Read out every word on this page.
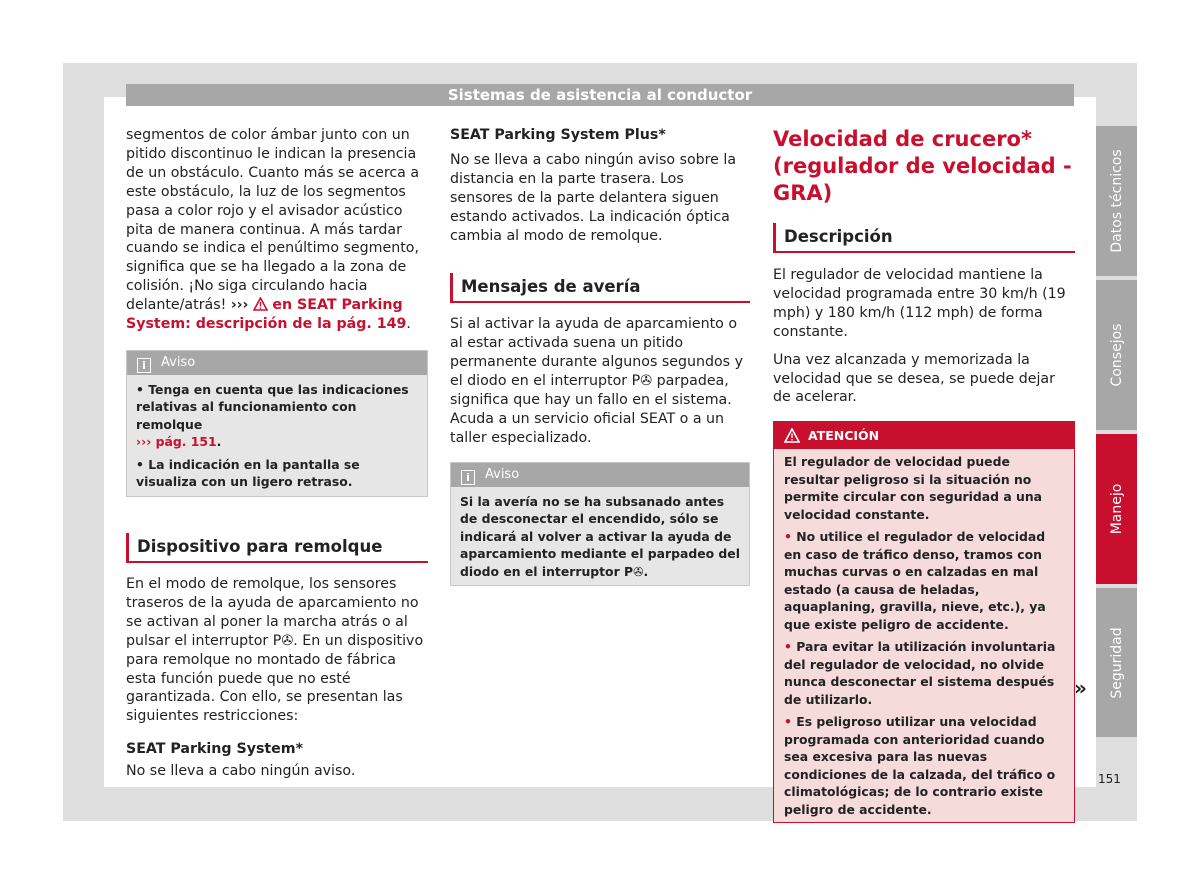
Sistemas de asistencia al conductor

segmentos de color ámbar junto con un pitido discontinuo le indican la presencia de un obstáculo. Cuanto más se acerca a este obstáculo, la luz de los segmentos pasa a color rojo y el avisador acústico pita de manera continua. A más tardar cuando se indica el penúltimo segmento, significa que se ha llegado a la zona de colisión. ¡No siga circulando hacia delante/atrás! ››› en SEAT Parking System: descripción de la pág. 149.

i Aviso
• Tenga en cuenta que las indicaciones relativas al funcionamiento con remolque
››› pág. 151.
• La indicación en la pantalla se visualiza con un ligero retraso.
Dispositivo para remolque

En el modo de remolque, los sensores traseros de la ayuda de aparcamiento no se activan al poner la marcha atrás o al pulsar el interruptor P✇. En un dispositivo para remolque no montado de fábrica esta función puede que no esté garantizada. Con ello, se presentan las siguientes restricciones:

SEAT Parking System*

No se lleva a cabo ningún aviso.

SEAT Parking System Plus*

No se lleva a cabo ningún aviso sobre la distancia en la parte trasera. Los sensores de la parte delantera siguen estando activados. La indicación óptica cambia al modo de remolque.

Mensajes de avería

Si al activar la ayuda de aparcamiento o al estar activada suena un pitido permanente durante algunos segundos y el diodo en el interruptor P✇ parpadea, significa que hay un fallo en el sistema. Acuda a un servicio oficial SEAT o a un taller especializado.

i Aviso
Si la avería no se ha subsanado antes de desconectar el encendido, sólo se indicará al volver a activar la ayuda de aparcamiento mediante el parpadeo del diodo en el interruptor P✇.

Velocidad de crucero* (regulador de velocidad - GRA)

Descripción

El regulador de velocidad mantiene la velocidad programada entre 30 km/h (19 mph) y 180 km/h (112 mph) de forma constante.

Una vez alcanzada y memorizada la velocidad que se desea, se puede dejar de acelerar.

ATENCIÓN
El regulador de velocidad puede resultar peligroso si la situación no permite circular con seguridad a una velocidad constante.
• No utilice el regulador de velocidad en caso de tráfico denso, tramos con muchas curvas o en calzadas en mal estado (a causa de heladas, aquaplaning, gravilla, nieve, etc.), ya que existe peligro de accidente.
• Para evitar la utilización involuntaria del regulador de velocidad, no olvide nunca desconectar el sistema después de utilizarlo.
• Es peligroso utilizar una velocidad programada con anterioridad cuando sea excesiva para las nuevas condiciones de la calzada, del tráfico o climatológicas; de lo contrario existe peligro de accidente.
»
Datos técnicos
Consejos
Manejo
Seguridad
151
